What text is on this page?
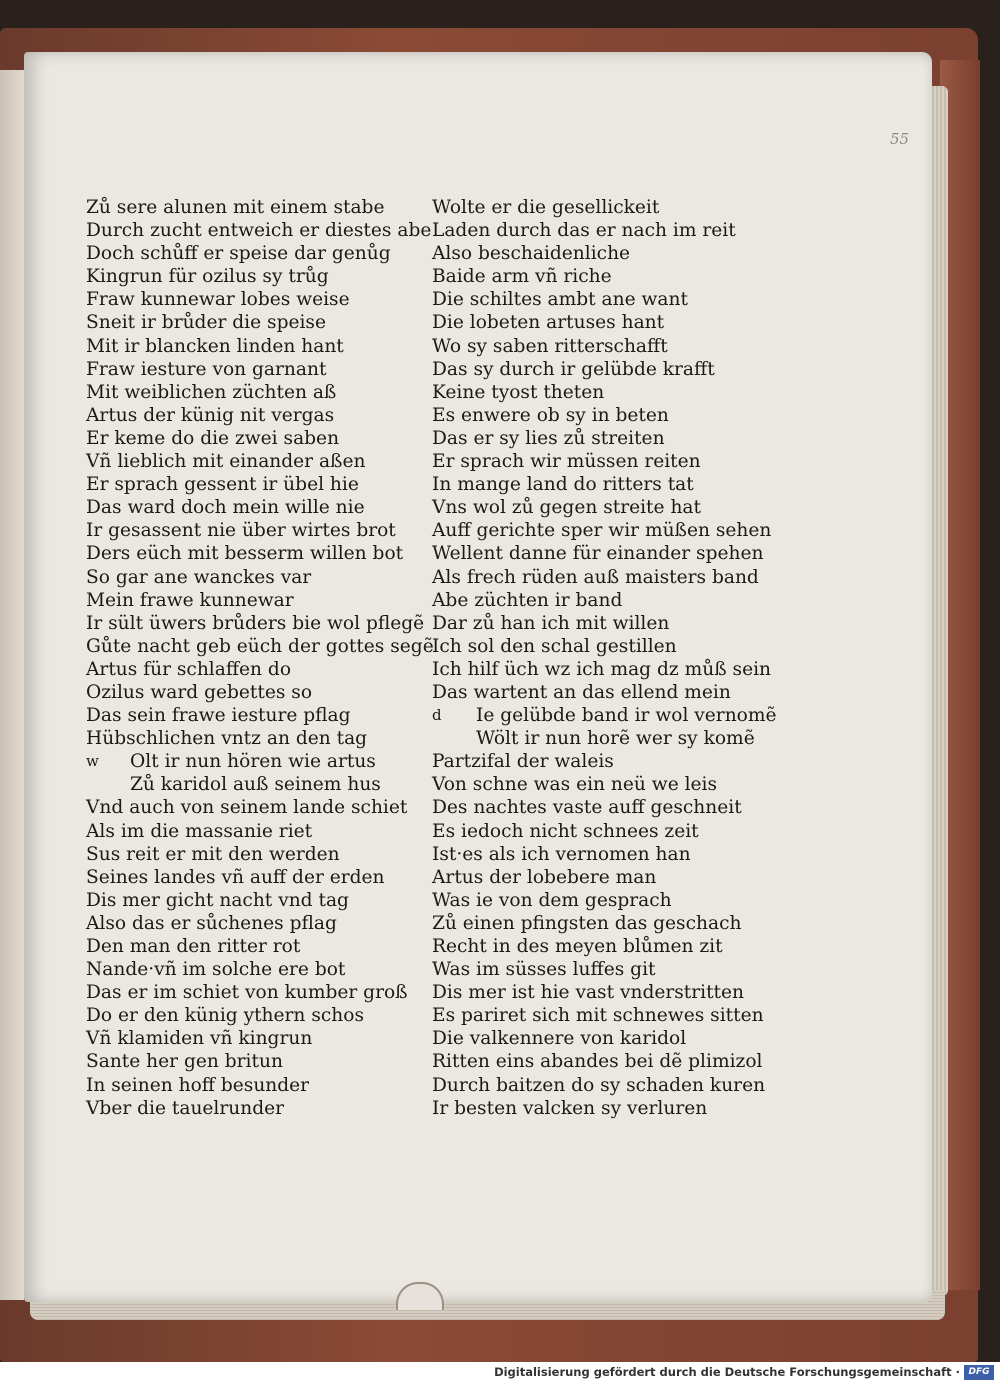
55
Zů sere alunen mit einem stabe
Durch zucht entweich er diestes abe
Doch schůff er speise dar genůg
Kingrun für ozilus sy trůg
Fraw kunnewar lobes weise
Sneit ir brůder die speise
Mit ir blancken linden hant
Fraw iesture von garnant
Mit weiblichen züchten aß
Artus der künig nit vergas
Er keme do die zwei saben
Vñ lieblich mit einander aßen
Er sprach gessent ir übel hie
Das ward doch mein wille nie
Ir gesassent nie über wirtes brot
Ders eüch mit besserm willen bot
So gar ane wanckes var
Mein frawe kunnewar
Ir sült üwers brůders bie wol pflegẽ
Gůte nacht geb eüch der gottes segẽ
Artus für schlaffen do
Ozilus ward gebettes so
Das sein frawe iesture pflag
Hübschlichen vntz an den tag
w Olt ir nun hören wie artus
Zů karidol auß seinem hus
Vnd auch von seinem lande schiet
Als im die massanie riet
Sus reit er mit den werden
Seines landes vñ auff der erden
Dis mer gicht nacht vnd tag
Also das er sůchenes pflag
Den man den ritter rot
Nande·vñ im solche ere bot
Das er im schiet von kumber groß
Do er den künig ythern schos
Vñ klamiden vñ kingrun
Sante her gen britun
In seinen hoff besunder
Vber die tauelrunder
Wolte er die gesellickeit
Laden durch das er nach im reit
Also beschaidenliche
Baide arm vñ riche
Die schiltes ambt ane want
Die lobeten artuses hant
Wo sy saben ritterschafft
Das sy durch ir gelübde krafft
Keine tyost theten
Es enwere ob sy in beten
Das er sy lies zů streiten
Er sprach wir müssen reiten
In mange land do ritters tat
Vns wol zů gegen streite hat
Auff gerichte sper wir müßen sehen
Wellent danne für einander spehen
Als frech rüden auß maisters band
Abe züchten ir band
Dar zů han ich mit willen
Ich sol den schal gestillen
Ich hilf üch wz ich mag dz můß sein
Das wartent an das ellend mein
d Ie gelübde band ir wol vernomẽ
Wölt ir nun horẽ wer sy komẽ
Partzifal der waleis
Von schne was ein neü we leis
Des nachtes vaste auff geschneit
Es iedoch nicht schnees zeit
Ist·es als ich vernomen han
Artus der lobebere man
Was ie von dem gesprach
Zů einen pfingsten das geschach
Recht in des meyen blůmen zit
Was im süsses luffes git
Dis mer ist hie vast vnderstritten
Es pariret sich mit schnewes sitten
Die valkennere von karidol
Ritten eins abandes bei dẽ plimizol
Durch baitzen do sy schaden kuren
Ir besten valcken sy verluren
Digitalisierung gefördert durch die Deutsche Forschungsgemeinschaft · DFG
